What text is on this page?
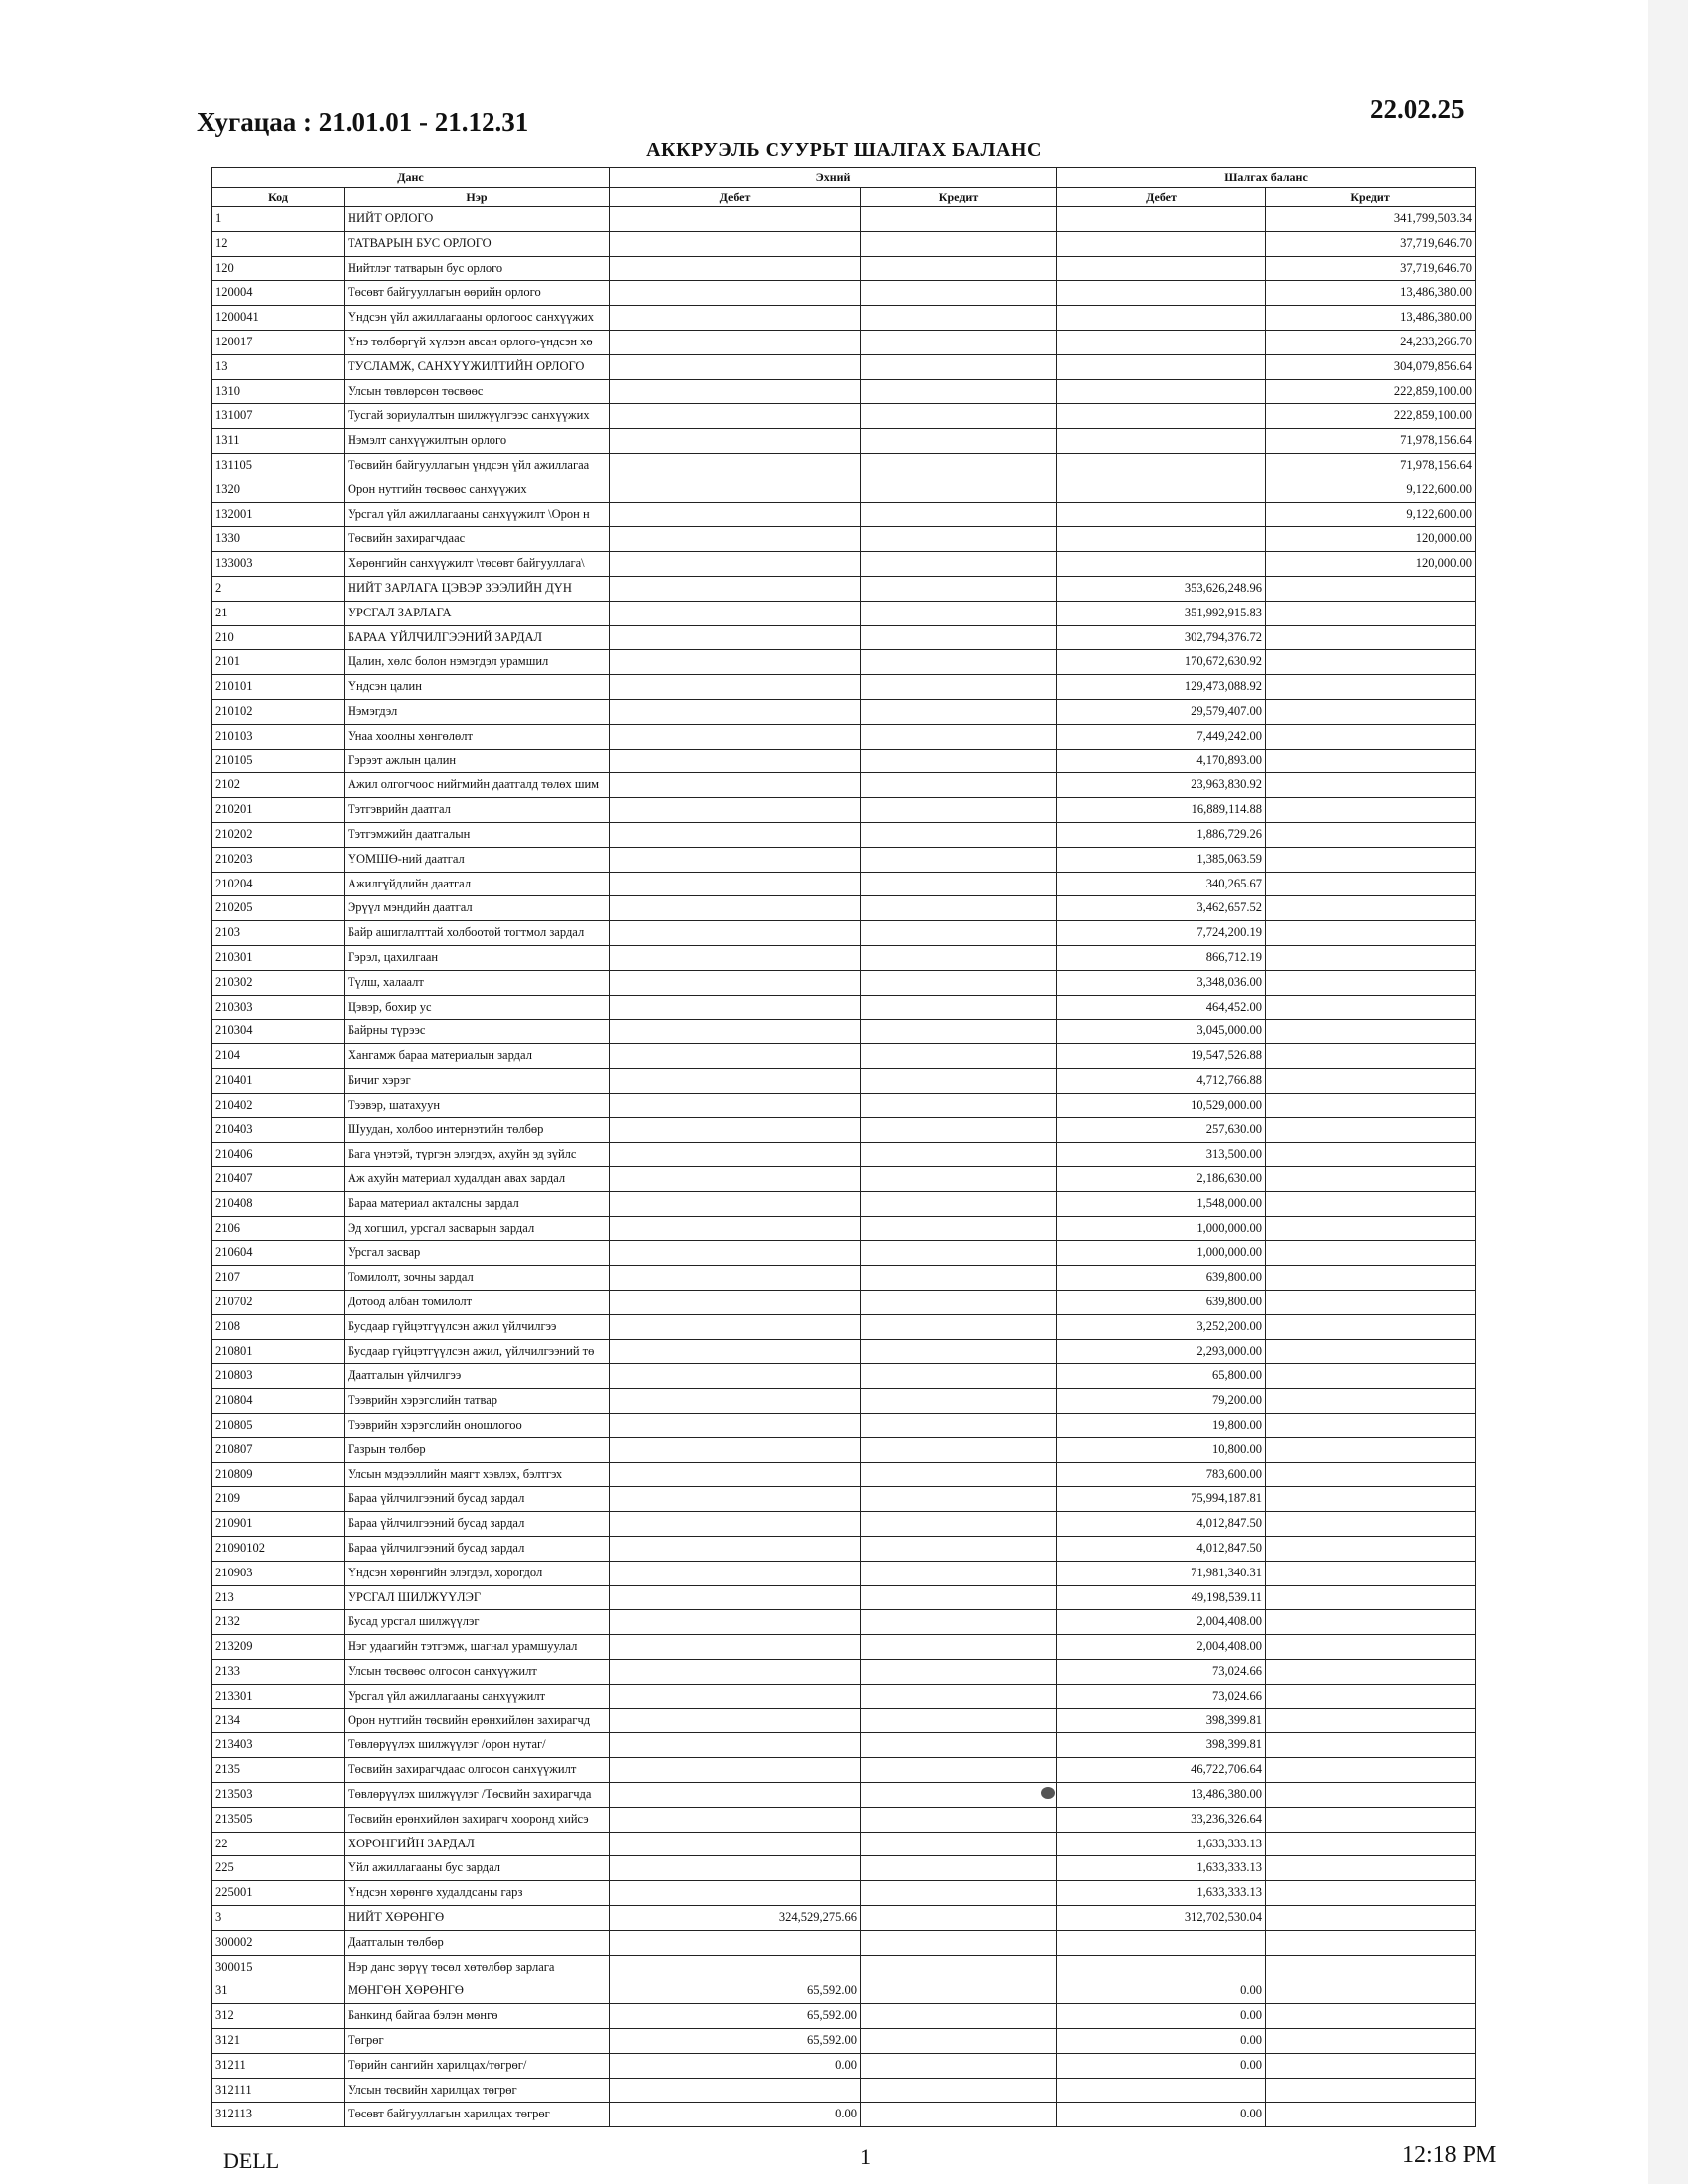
Хугацаа : 21.01.01 - 21.12.31	22.02.25
АККРУЭЛЬ СУУРЬТ ШАЛГАХ БАЛАНС
Данс		Эхний		Шалгах баланс	
Код	Нэр	Дебет	Кредит	Дебет	Кредит
1	НИЙТ ОРЛОГО				341,799,503.34
12	ТАТВАРЫН БУС ОРЛОГО				37,719,646.70
120	Нийтлэг татварын бус орлого				37,719,646.70
120004	Төсөвт байгууллагын өөрийн орлого				13,486,380.00
1200041	Үндсэн үйл ажиллагааны орлогоос санхүүжих				13,486,380.00
120017	Үнэ төлбөргүй хүлээн авсан орлого-үндсэн хө				24,233,266.70
13	ТУСЛАМЖ, САНХҮҮЖИЛТИЙН ОРЛОГО				304,079,856.64
1310	Улсын төвлөрсөн төсвөөс				222,859,100.00
131007	Тусгай зориулалтын шилжүүлгээс санхүүжих				222,859,100.00
1311	Нэмэлт санхүүжилтын орлого				71,978,156.64
131105	Төсвийн байгууллагын үндсэн үйл ажиллагаа				71,978,156.64
1320	Орон нутгийн төсвөөс санхүүжих				9,122,600.00
132001	Урсгал үйл ажиллагааны санхүүжилт \Орон н				9,122,600.00
1330	Төсвийн захирагчдаас				120,000.00
133003	Хөрөнгийн санхүүжилт \төсөвт байгууллага\				120,000.00
2	НИЙТ ЗАРЛАГА ЦЭВЭР ЗЭЭЛИЙН ДҮН			353,626,248.96	
21	УРСГАЛ ЗАРЛАГА			351,992,915.83	
210	БАРАА ҮЙЛЧИЛГЭЭНИЙ ЗАРДАЛ			302,794,376.72	
2101	Цалин, хөлс болон нэмэгдэл урамшил			170,672,630.92	
210101	Үндсэн цалин			129,473,088.92	
210102	Нэмэгдэл			29,579,407.00	
210103	Унаа хоолны хөнгөлөлт			7,449,242.00	
210105	Гэрээт ажлын цалин			4,170,893.00	
2102	Ажил олгогчоос нийгмийн даатгалд төлөх шим			23,963,830.92	
210201	Тэтгэврийн даатгал			16,889,114.88	
210202	Тэтгэмжийн даатгалын			1,886,729.26	
210203	ҮОМШӨ-ний даатгал			1,385,063.59	
210204	Ажилгүйдлийн даатгал			340,265.67	
210205	Эрүүл мэндийн даатгал			3,462,657.52	
2103	Байр ашиглалттай холбоотой тогтмол зардал			7,724,200.19	
210301	Гэрэл, цахилгаан			866,712.19	
210302	Түлш, халаалт			3,348,036.00	
210303	Цэвэр, бохир ус			464,452.00	
210304	Байрны түрээс			3,045,000.00	
2104	Хангамж бараа материалын зардал			19,547,526.88	
210401	Бичиг хэрэг			4,712,766.88	
210402	Тээвэр, шатахуун			10,529,000.00	
210403	Шуудан, холбоо интернэтийн төлбөр			257,630.00	
210406	Бага үнэтэй, түргэн элэгдэх, ахуйн эд зүйлс			313,500.00	
210407	Аж ахуйн материал худалдан авах зардал			2,186,630.00	
210408	Бараа материал акталсны зардал			1,548,000.00	
2106	Эд хогшил, урсгал засварын зардал			1,000,000.00	
210604	Урсгал засвар			1,000,000.00	
2107	Томилолт, зочны зардал			639,800.00	
210702	Дотоод албан томилолт			639,800.00	
2108	Бусдаар гүйцэтгүүлсэн ажил үйлчилгээ			3,252,200.00	
210801	Бусдаар гүйцэтгүүлсэн ажил, үйлчилгээний тө			2,293,000.00	
210803	Даатгалын үйлчилгээ			65,800.00	
210804	Тээврийн хэрэгслийн татвар			79,200.00	
210805	Тээврийн хэрэгслийн оношлогоо			19,800.00	
210807	Газрын төлбөр			10,800.00	
210809	Улсын мэдээллийн маягт хэвлэх, бэлтгэх			783,600.00	
2109	Бараа үйлчилгээний бусад зардал			75,994,187.81	
210901	Бараа үйлчилгээний бусад зардал			4,012,847.50	
21090102	Бараа үйлчилгээний бусад зардал			4,012,847.50	
210903	Үндсэн хөрөнгийн элэгдэл, хорогдол			71,981,340.31	
213	УРСГАЛ ШИЛЖҮҮЛЭГ			49,198,539.11	
2132	Бусад урсгал шилжүүлэг			2,004,408.00	
213209	Нэг удаагийн тэтгэмж, шагнал урамшуулал			2,004,408.00	
2133	Улсын төсвөөс олгосон санхүүжилт			73,024.66	
213301	Урсгал үйл ажиллагааны санхүүжилт			73,024.66	
2134	Орон нутгийн төсвийн ерөнхийлөн захирагчд			398,399.81	
213403	Төвлөрүүлэх шилжүүлэг /орон нутаг/			398,399.81	
2135	Төсвийн захирагчдаас олгосон санхүүжилт			46,722,706.64	
213503	Төвлөрүүлэх шилжүүлэг /Төсвийн захирагчда			13,486,380.00	
213505	Төсвийн ерөнхийлөн захирагч хооронд хийсэ			33,236,326.64	
22	ХӨРӨНГИЙН ЗАРДАЛ			1,633,333.13	
225	Үйл ажиллагааны бус зардал			1,633,333.13	
225001	Үндсэн хөрөнгө худалдсаны гарз			1,633,333.13	
3	НИЙТ ХӨРӨНГӨ	324,529,275.66		312,702,530.04	
300002	Даатгалын төлбөр				
300015	Нэр данс зөрүү төсөл хөтөлбөр зарлага				
31	МӨНГӨН ХӨРӨНГӨ	65,592.00		0.00	
312	Банкинд байгаа бэлэн мөнгө	65,592.00		0.00	
3121	Төгрөг	65,592.00		0.00	
31211	Төрийн сангийн харилцах/төгрөг/	0.00		0.00	
312111	Улсын төсвийн харилцах төгрөг				
312113	Төсөвт байгууллагын харилцах төгрөг	0.00		0.00	
DELL	1	12:18 PM
